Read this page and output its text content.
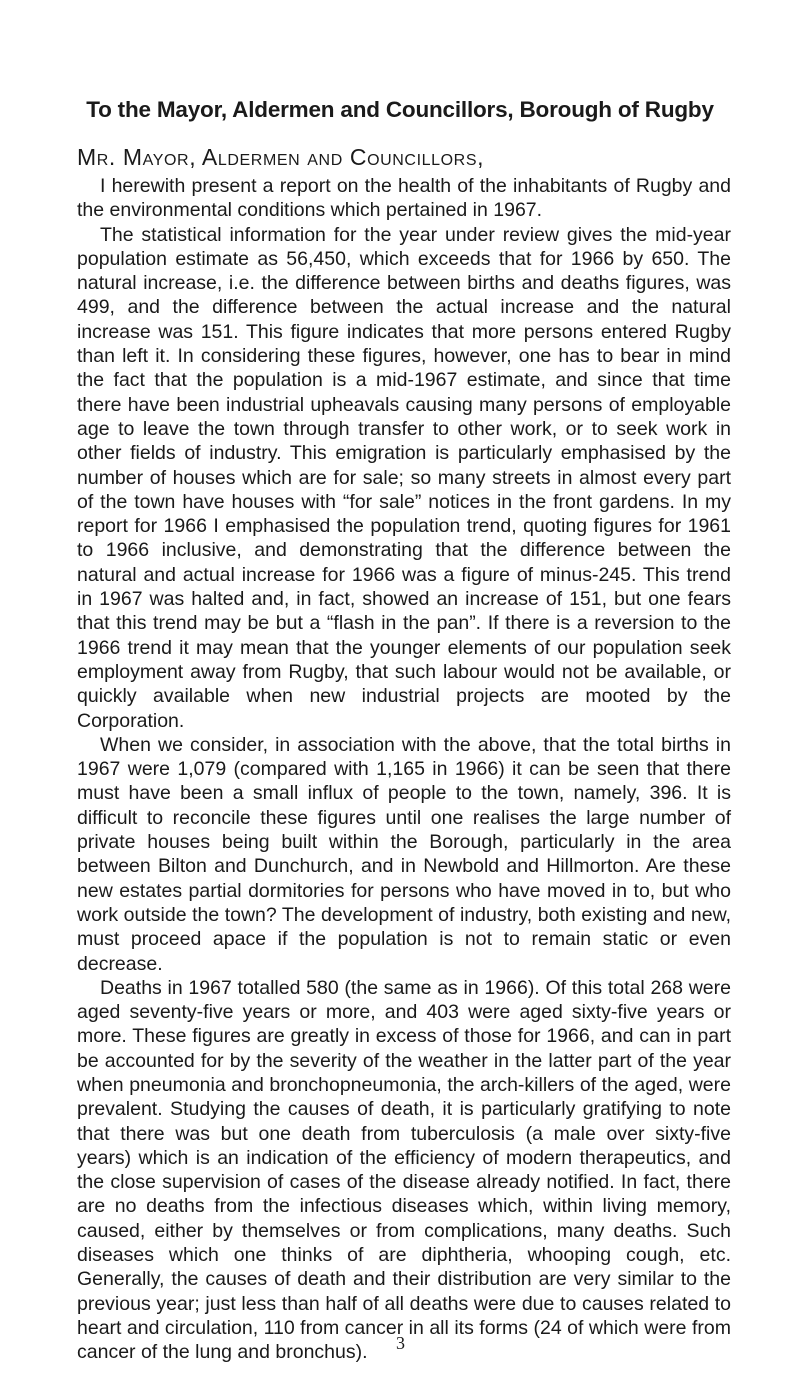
To the Mayor, Aldermen and Councillors, Borough of Rugby
Mr. Mayor, Aldermen and Councillors,

I herewith present a report on the health of the inhabitants of Rugby and the environmental conditions which pertained in 1967.

The statistical information for the year under review gives the mid-year population estimate as 56,450, which exceeds that for 1966 by 650. The natural increase, i.e. the difference between births and deaths figures, was 499, and the difference between the actual increase and the natural increase was 151. This figure indicates that more persons entered Rugby than left it. In considering these figures, however, one has to bear in mind the fact that the population is a mid-1967 estimate, and since that time there have been industrial upheavals causing many persons of employable age to leave the town through transfer to other work, or to seek work in other fields of industry. This emigration is particularly emphasised by the number of houses which are for sale; so many streets in almost every part of the town have houses with “for sale” notices in the front gardens. In my report for 1966 I emphasised the population trend, quoting figures for 1961 to 1966 inclusive, and demonstrating that the difference between the natural and actual increase for 1966 was a figure of minus-245. This trend in 1967 was halted and, in fact, showed an increase of 151, but one fears that this trend may be but a “flash in the pan”. If there is a reversion to the 1966 trend it may mean that the younger elements of our population seek employment away from Rugby, that such labour would not be available, or quickly available when new industrial projects are mooted by the Corporation.

When we consider, in association with the above, that the total births in 1967 were 1,079 (compared with 1,165 in 1966) it can be seen that there must have been a small influx of people to the town, namely, 396. It is difficult to reconcile these figures until one realises the large number of private houses being built within the Borough, particularly in the area between Bilton and Dunchurch, and in Newbold and Hillmorton. Are these new estates partial dormitories for persons who have moved in to, but who work outside the town? The development of industry, both existing and new, must proceed apace if the population is not to remain static or even decrease.

Deaths in 1967 totalled 580 (the same as in 1966). Of this total 268 were aged seventy-five years or more, and 403 were aged sixty-five years or more. These figures are greatly in excess of those for 1966, and can in part be accounted for by the severity of the weather in the latter part of the year when pneumonia and bronchopneumonia, the arch-killers of the aged, were prevalent. Studying the causes of death, it is particularly gratifying to note that there was but one death from tuberculosis (a male over sixty-five years) which is an indication of the efficiency of modern therapeutics, and the close supervision of cases of the disease already notified. In fact, there are no deaths from the infectious diseases which, within living memory, caused, either by themselves or from complications, many deaths. Such diseases which one thinks of are diphtheria, whooping cough, etc. Generally, the causes of death and their distribution are very similar to the previous year; just less than half of all deaths were due to causes related to heart and circulation, 110 from cancer in all its forms (24 of which were from cancer of the lung and bronchus).	3
